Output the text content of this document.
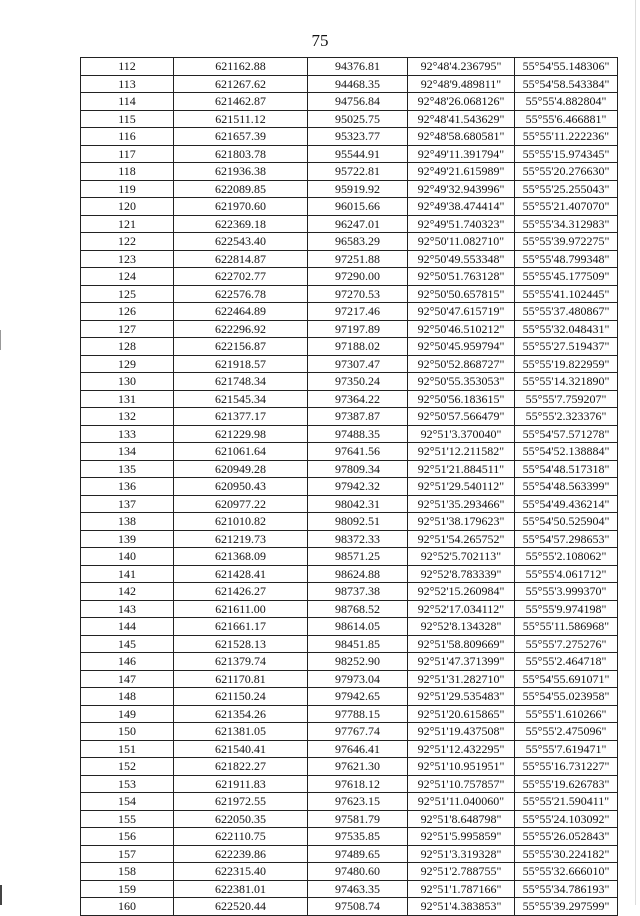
75
112	621162.88	94376.81	92°48'4.236795"	55°54'55.148306"
113	621267.62	94468.35	92°48'9.489811"	55°54'58.543384"
114	621462.87	94756.84	92°48'26.068126"	55°55'4.882804"
115	621511.12	95025.75	92°48'41.543629"	55°55'6.466881"
116	621657.39	95323.77	92°48'58.680581"	55°55'11.222236"
117	621803.78	95544.91	92°49'11.391794"	55°55'15.974345"
118	621936.38	95722.81	92°49'21.615989"	55°55'20.276630"
119	622089.85	95919.92	92°49'32.943996"	55°55'25.255043"
120	621970.60	96015.66	92°49'38.474414"	55°55'21.407070"
121	622369.18	96247.01	92°49'51.740323"	55°55'34.312983"
122	622543.40	96583.29	92°50'11.082710"	55°55'39.972275"
123	622814.87	97251.88	92°50'49.553348"	55°55'48.799348"
124	622702.77	97290.00	92°50'51.763128"	55°55'45.177509"
125	622576.78	97270.53	92°50'50.657815"	55°55'41.102445"
126	622464.89	97217.46	92°50'47.615719"	55°55'37.480867"
127	622296.92	97197.89	92°50'46.510212"	55°55'32.048431"
128	622156.87	97188.02	92°50'45.959794"	55°55'27.519437"
129	621918.57	97307.47	92°50'52.868727"	55°55'19.822959"
130	621748.34	97350.24	92°50'55.353053"	55°55'14.321890"
131	621545.34	97364.22	92°50'56.183615"	55°55'7.759207"
132	621377.17	97387.87	92°50'57.566479"	55°55'2.323376"
133	621229.98	97488.35	92°51'3.370040"	55°54'57.571278"
134	621061.64	97641.56	92°51'12.211582"	55°54'52.138884"
135	620949.28	97809.34	92°51'21.884511"	55°54'48.517318"
136	620950.43	97942.32	92°51'29.540112"	55°54'48.563399"
137	620977.22	98042.31	92°51'35.293466"	55°54'49.436214"
138	621010.82	98092.51	92°51'38.179623"	55°54'50.525904"
139	621219.73	98372.33	92°51'54.265752"	55°54'57.298653"
140	621368.09	98571.25	92°52'5.702113"	55°55'2.108062"
141	621428.41	98624.88	92°52'8.783339"	55°55'4.061712"
142	621426.27	98737.38	92°52'15.260984"	55°55'3.999370"
143	621611.00	98768.52	92°52'17.034112"	55°55'9.974198"
144	621661.17	98614.05	92°52'8.134328"	55°55'11.586968"
145	621528.13	98451.85	92°51'58.809669"	55°55'7.275276"
146	621379.74	98252.90	92°51'47.371399"	55°55'2.464718"
147	621170.81	97973.04	92°51'31.282710"	55°54'55.691071"
148	621150.24	97942.65	92°51'29.535483"	55°54'55.023958"
149	621354.26	97788.15	92°51'20.615865"	55°55'1.610266"
150	621381.05	97767.74	92°51'19.437508"	55°55'2.475096"
151	621540.41	97646.41	92°51'12.432295"	55°55'7.619471"
152	621822.27	97621.30	92°51'10.951951"	55°55'16.731227"
153	621911.83	97618.12	92°51'10.757857"	55°55'19.626783"
154	621972.55	97623.15	92°51'11.040060"	55°55'21.590411"
155	622050.35	97581.79	92°51'8.648798"	55°55'24.103092"
156	622110.75	97535.85	92°51'5.995859"	55°55'26.052843"
157	622239.86	97489.65	92°51'3.319328"	55°55'30.224182"
158	622315.40	97480.60	92°51'2.788755"	55°55'32.666010"
159	622381.01	97463.35	92°51'1.787166"	55°55'34.786193"
160	622520.44	97508.74	92°51'4.383853"	55°55'39.297599"
